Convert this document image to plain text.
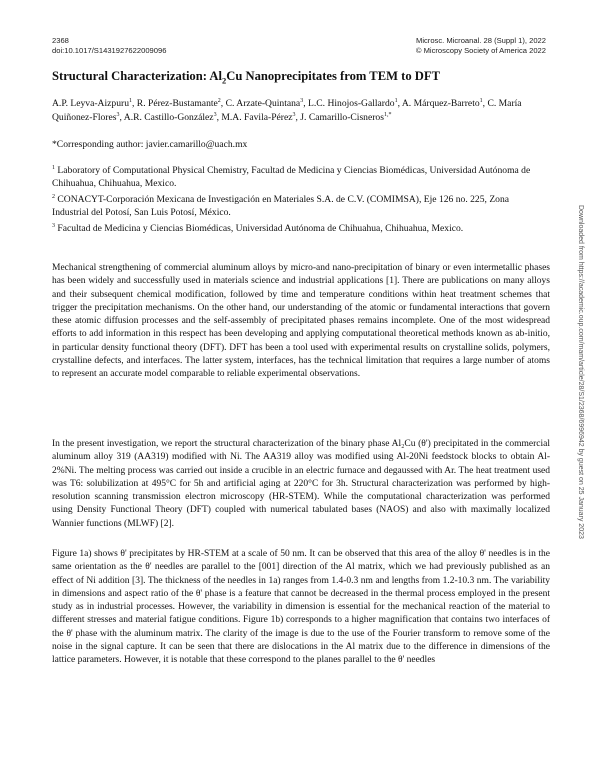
2368
doi:10.1017/S1431927622009096
Microsc. Microanal. 28 (Suppl 1), 2022
© Microscopy Society of America 2022
Structural Characterization: $Al_2Cu$ Nanoprecipitates from TEM to DFT
A.P. Leyva-Aizpuru$^1$, R. Pérez-Bustamante$^2$, C. Arzate-Quintana$^3$, L.C. Hinojos-Gallardo$^1$, A. Márquez-Barreto$^1$, C. María Quiñonez-Flores$^3$, A.R. Castillo-González$^3$, M.A. Favila-Pérez$^3$, J. Camarillo-Cisneros$^{1,*}$
*Corresponding author: javier.camarillo@uach.mx

$^1$ Laboratory of Computational Physical Chemistry, Facultad de Medicina y Ciencias Biomédicas, Universidad Autónoma de Chihuahua, Chihuahua, Mexico.

$^2$ CONACYT-Corporación Mexicana de Investigación en Materiales S.A. de C.V. (COMIMSA), Eje 126 no. 225, Zona Industrial del Potosí, San Luis Potosí, México.

$^3$ Facultad de Medicina y Ciencias Biomédicas, Universidad Autónoma de Chihuahua, Chihuahua, Mexico.

Mechanical strengthening of commercial aluminum alloys by micro-and nano-precipitation of binary or even intermetallic phases has been widely and successfully used in materials science and industrial applications [1]. There are publications on many alloys and their subsequent chemical modification, followed by time and temperature conditions within heat treatment schemes that trigger the precipitation mechanisms. On the other hand, our understanding of the atomic or fundamental interactions that govern these atomic diffusion processes and the self-assembly of precipitated phases remains incomplete. One of the most widespread efforts to add information in this respect has been developing and applying computational theoretical methods known as ab-initio, in particular density functional theory (DFT). DFT has been a tool used with experimental results on crystalline solids, polymers, crystalline defects, and interfaces. The latter system, interfaces, has the technical limitation that requires a large number of atoms to represent an accurate model comparable to reliable experimental observations.

In the present investigation, we report the structural characterization of the binary phase Al₂Cu (θ') precipitated in the commercial aluminum alloy 319 (AA319) modified with Ni. The AA319 alloy was modified using Al-20Ni feedstock blocks to obtain Al-2%Ni. The melting process was carried out inside a crucible in an electric furnace and degaussed with Ar. The heat treatment used was T6: solubilization at 495°C for 5h and artificial aging at 220°C for 3h. Structural characterization was performed by high-resolution scanning transmission electron microscopy (HR-STEM). While the computational characterization was performed using Density Functional Theory (DFT) coupled with numerical tabulated bases (NAOS) and also with maximally localized Wannier functions (MLWF) [2].

Figure 1a) shows θ' precipitates by HR-STEM at a scale of 50 nm. It can be observed that this area of the alloy θ' needles is in the same orientation as the θ' needles are parallel to the [001] direction of the Al matrix, which we had previously published as an effect of Ni addition [3]. The thickness of the needles in 1a) ranges from 1.4-0.3 nm and lengths from 1.2-10.3 nm. The variability in dimensions and aspect ratio of the θ' phase is a feature that cannot be decreased in the thermal process employed in the present study as in industrial processes. However, the variability in dimension is essential for the mechanical reaction of the material to different stresses and material fatigue conditions. Figure 1b) corresponds to a higher magnification that contains two interfaces of the θ' phase with the aluminum matrix. The clarity of the image is due to the use of the Fourier transform to remove some of the noise in the signal capture. It can be seen that there are dislocations in the Al matrix due to the difference in dimensions of the lattice parameters. However, it is notable that these correspond to the planes parallel to the θ' needles

Downloaded from https://academic.oup.com/mam/article/28/S1/2368/6996942 by guest on 25 January 2023
